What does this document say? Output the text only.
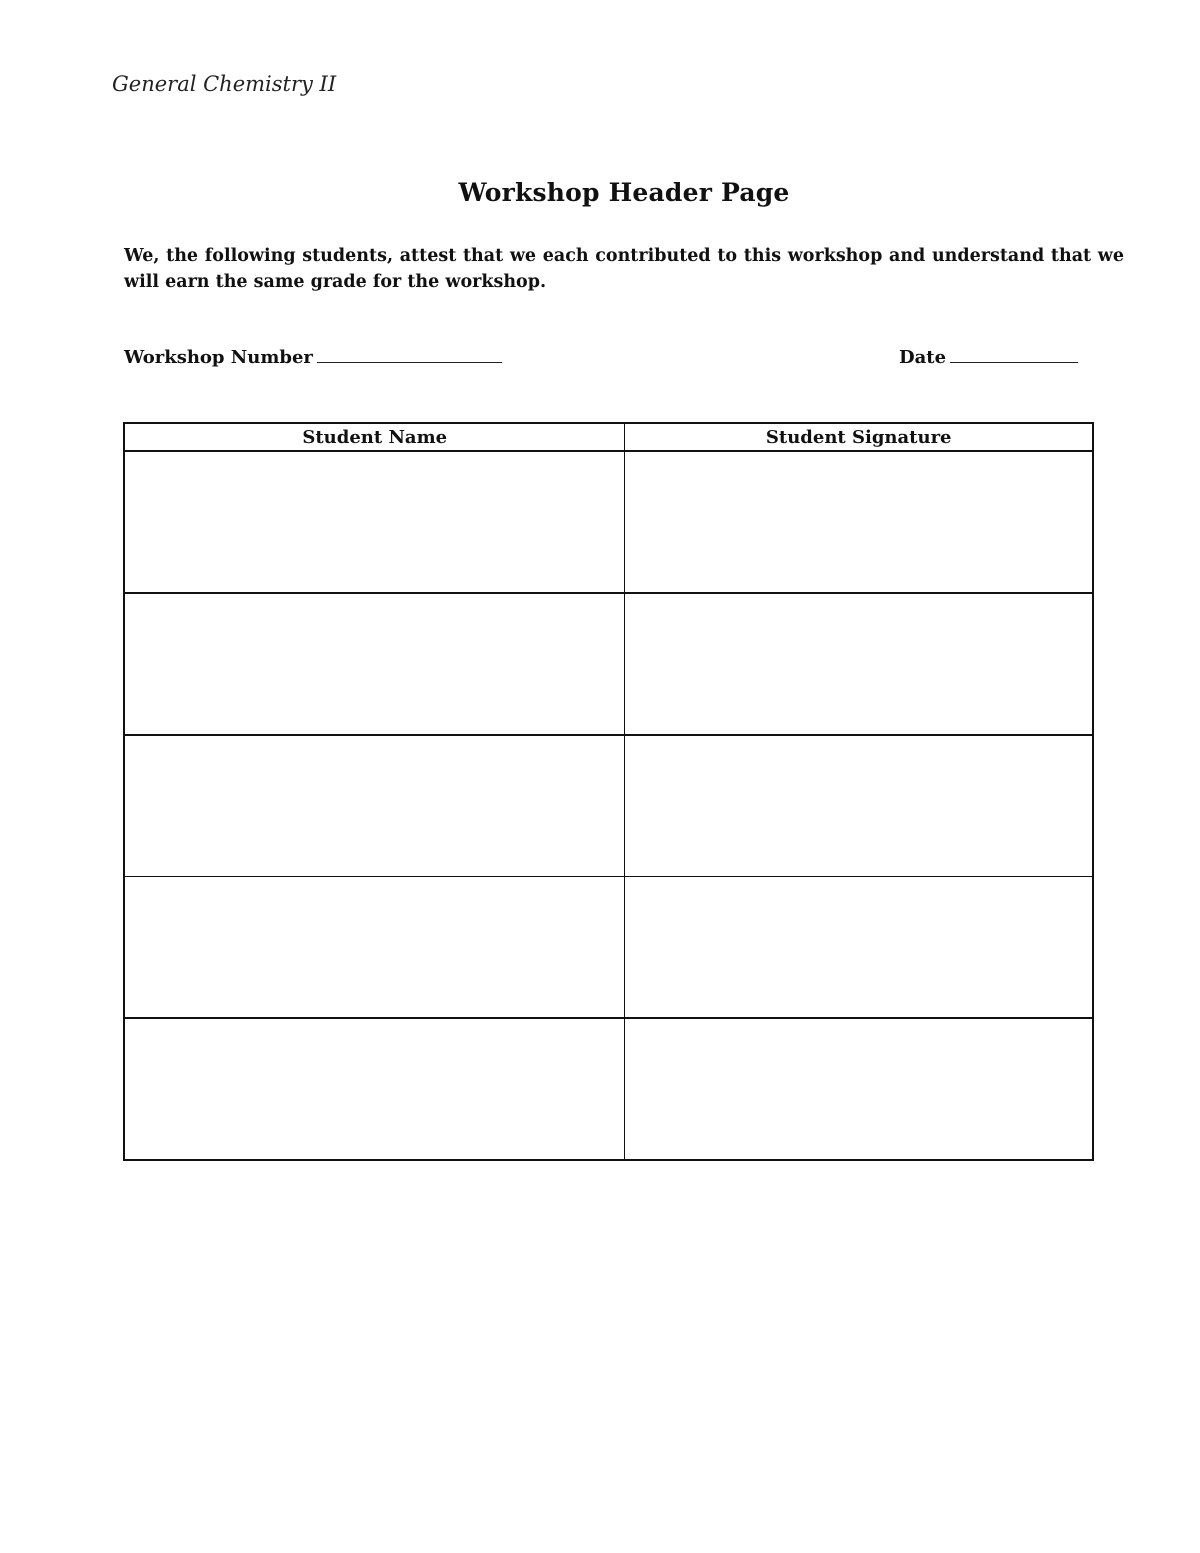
General Chemistry II
Workshop Header Page

We, the following students, attest that we each contributed to this workshop and understand that we will earn the same grade for the workshop.

Workshop Number	Date
Student Name	Student Signature
